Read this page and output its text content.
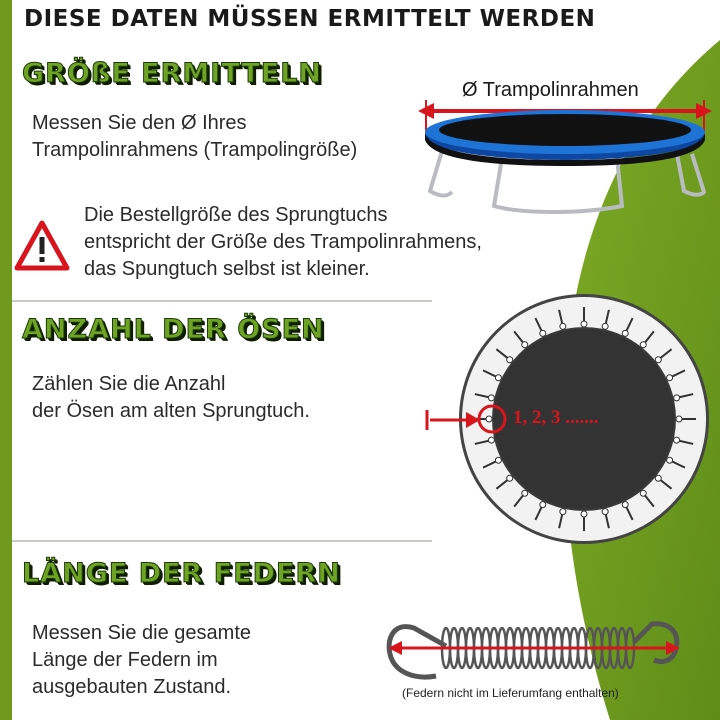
DIESE DATEN MÜSSEN ERMITTELT WERDEN
GRÖßE ERMITTELN
Messen Sie den Ø Ihres
Trampolinrahmens (Trampolingröße)
Ø Trampolinrahmen
Die Bestellgröße des Sprungtuchs
entspricht der Größe des Trampolinrahmens,
das Spungtuch selbst ist kleiner.
ANZAHL DER ÖSEN
Zählen Sie die Anzahl
der Ösen am alten Sprungtuch.	1, 2, 3 .......
LÄNGE DER FEDERN
Messen Sie die gesamte
Länge der Federn im
ausgebauten Zustand.	(Federn nicht im Lieferumfang enthalten)
